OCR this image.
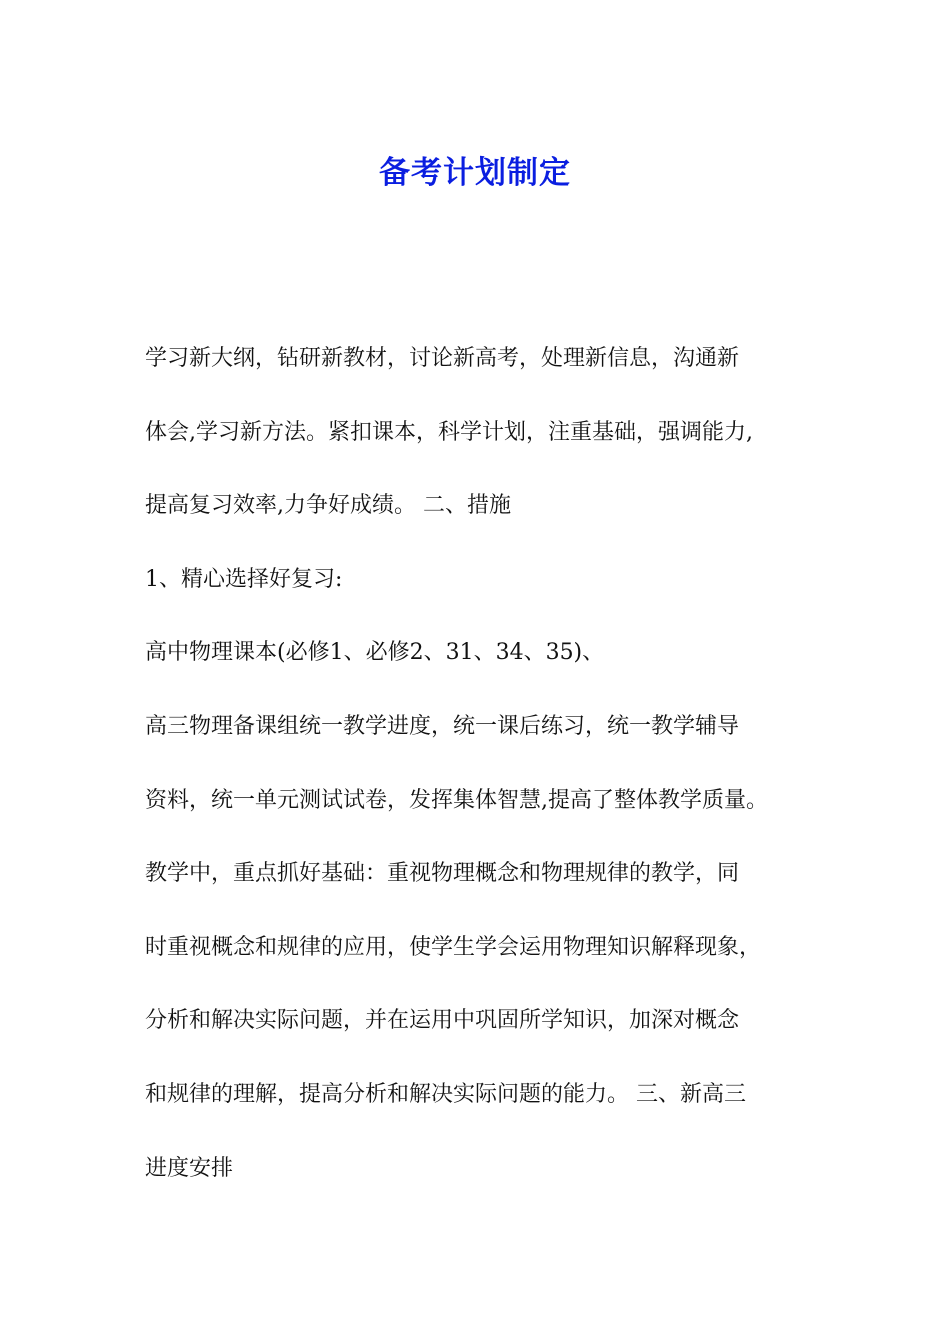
备考计划制定
学习新大纲，钻研新教材，讨论新高考，处理新信息，沟通新
体会,学习新方法。紧扣课本，科学计划，注重基础，强调能力,
提高复习效率,力争好成绩。 二、措施
1、精心选择好复习:
高中物理课本(必修1、必修2、31、34、35)、
高三物理备课组统一教学进度，统一课后练习，统一教学辅导
资料，统一单元测试试卷，发挥集体智慧,提高了整体教学质量。
教学中，重点抓好基础：重视物理概念和物理规律的教学，同
时重视概念和规律的应用，使学生学会运用物理知识解释现象，
分析和解决实际问题，并在运用中巩固所学知识，加深对概念
和规律的理解，提高分析和解决实际问题的能力。 三、新高三
进度安排
